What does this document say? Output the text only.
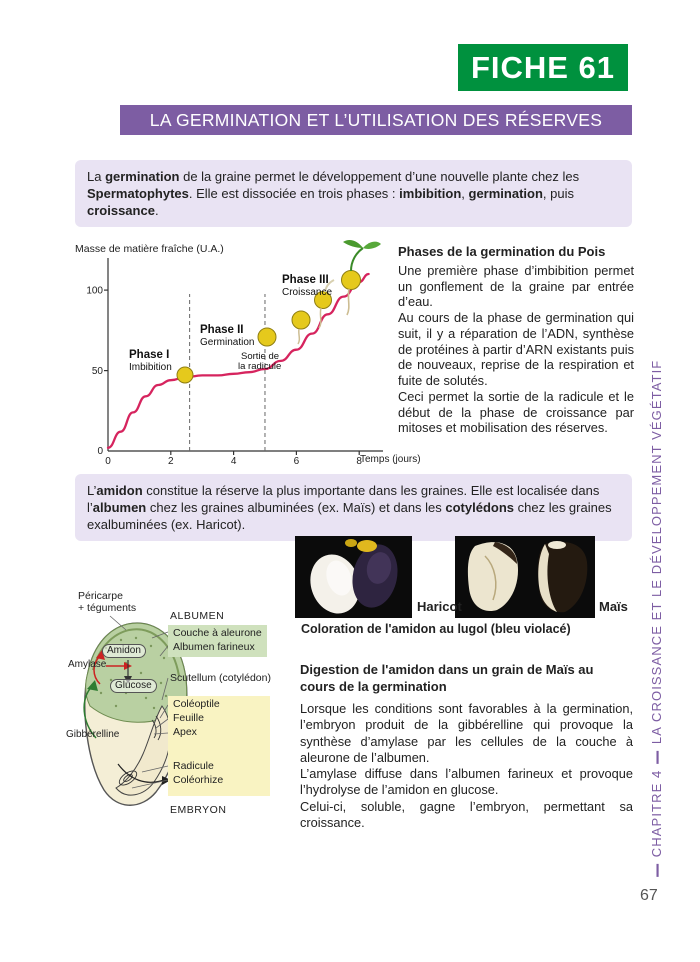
FICHE 61
LA GERMINATION ET L’UTILISATION DES RÉSERVES

La germination de la graine permet le développement d’une nouvelle plante chez les Spermatophytes. Elle est dissociée en trois phases : imbibition, germination, puis croissance.

Masse de matière fraîche (U.A.)
Temps (jours)
0
50
100
0	2	4	6	8
Phase I
Imbibition
Phase II
Germination
Phase III
Croissance
Sortie de
la radicule
Phases de la germination du Pois

Une première phase d’imbibition permet un gonflement de la graine par entrée d’eau.

Au cours de la phase de germination qui suit, il y a réparation de l’ADN, synthèse de protéines à partir d’ARN existants puis de nouveaux, reprise de la respiration et fuite de solutés.

Ceci permet la sortie de la radicule et le début de la phase de croissance par mitoses et mobilisation des réserves.

L’amidon constitue la réserve la plus importante dans les graines. Elle est localisée dans l’albumen chez les graines albuminées (ex. Maïs) et dans les cotylédons chez les graines exalbuminées (ex. Haricot).

Haricot	Maïs
Coloration de l'amidon au lugol (bleu violacé)
Péricarpe
+ téguments
ALBUMEN
Couche à aleurone
Albumen farineux
Amidon
Amylase
Glucose
Scutellum (cotylédon)
Coléoptile
Feuille
Apex
Radicule
Coléorhize
Gibbérelline
EMBRYON
Digestion de l'amidon dans un grain de Maïs au cours de la germination

Lorsque les conditions sont favorables à la germination, l’embryon produit de la gibbérelline qui provoque la synthèse d’amylase par les cellules de la couche à aleurone de l’albumen.

L’amylase diffuse dans l’albumen farineux et provoque l’hydrolyse de l’amidon en glucose.

Celui-ci, soluble, gagne l’embryon, permettant sa croissance.	❙ CHAPITRE 4 ❙ LA CROISSANCE ET LE DÉVELOPPEMENT VÉGÉTATIF
67
